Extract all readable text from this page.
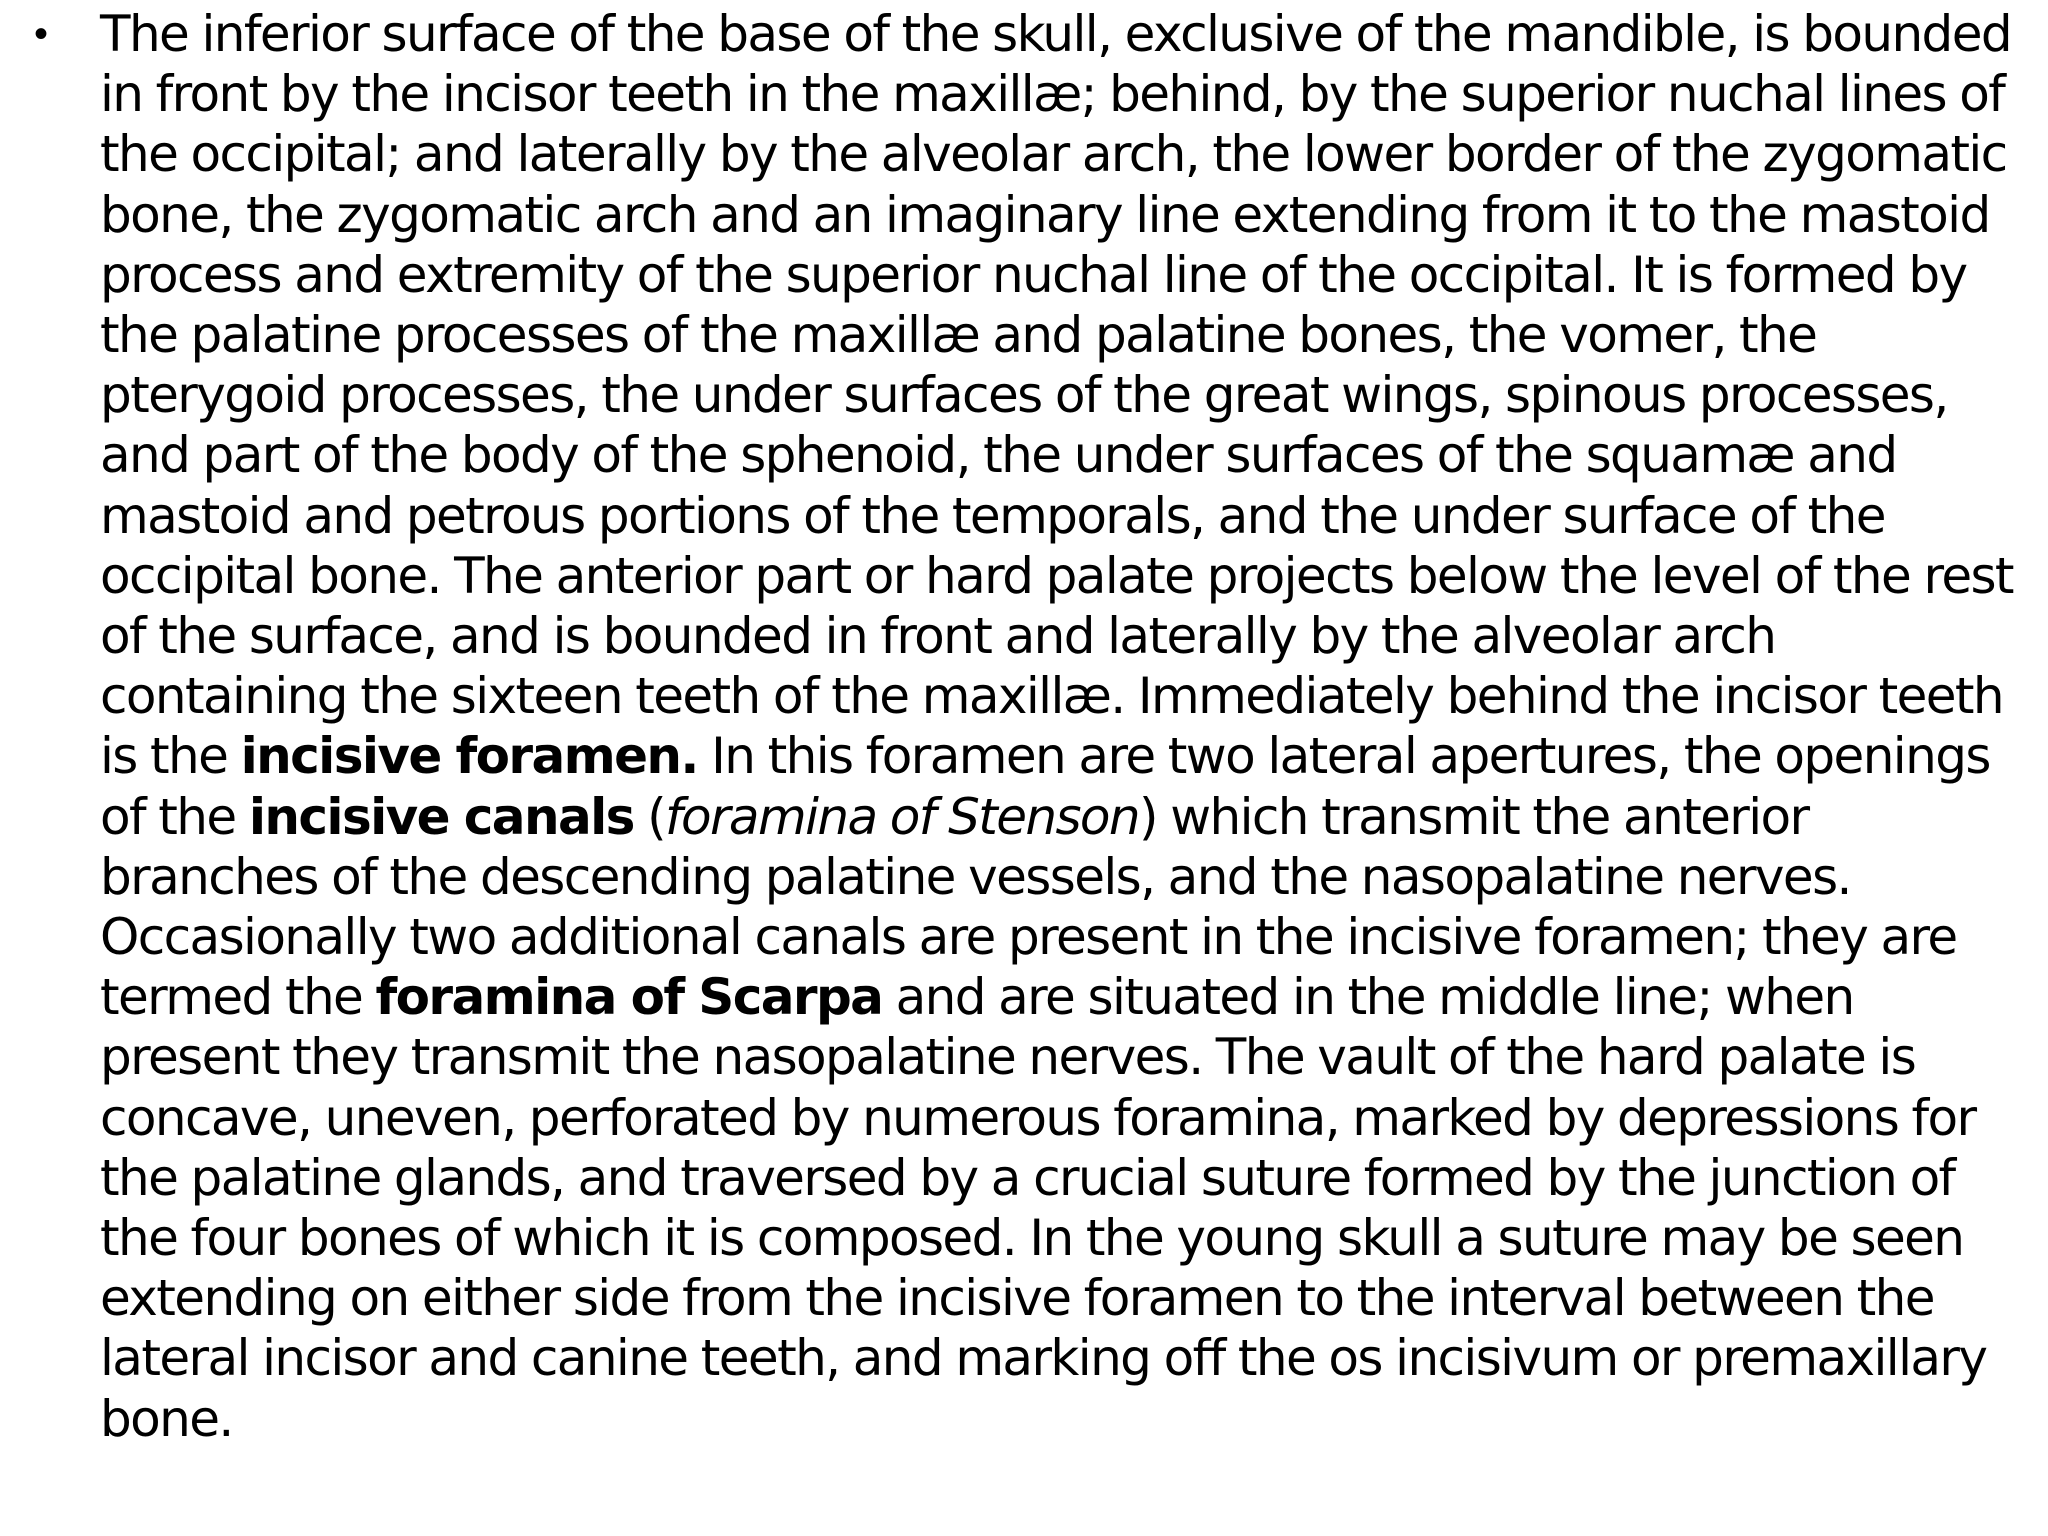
•	The inferior surface of the base of the skull, exclusive of the mandible, is bounded in front by the incisor teeth in the maxillæ; behind, by the superior nuchal lines of the occipital; and laterally by the alveolar arch, the lower border of the zygomatic bone, the zygomatic arch and an imaginary line extending from it to the mastoid process and extremity of the superior nuchal line of the occipital. It is formed by the palatine processes of the maxillæ and palatine bones, the vomer, the pterygoid processes, the under surfaces of the great wings, spinous processes, and part of the body of the sphenoid, the under surfaces of the squamæ and mastoid and petrous portions of the temporals, and the under surface of the occipital bone. The anterior part or hard palate projects below the level of the rest of the surface, and is bounded in front and laterally by the alveolar arch containing the sixteen teeth of the maxillæ. Immediately behind the incisor teeth is the incisive foramen. In this foramen are two lateral apertures, the openings of the incisive canals (foramina of Stenson) which transmit the anterior branches of the descending palatine vessels, and the nasopalatine nerves. Occasionally two additional canals are present in the incisive foramen; they are termed the foramina of Scarpa and are situated in the middle line; when present they transmit the nasopalatine nerves. The vault of the hard palate is concave, uneven, perforated by numerous foramina, marked by depressions for the palatine glands, and traversed by a crucial suture formed by the junction of the four bones of which it is composed. In the young skull a suture may be seen extending on either side from the incisive foramen to the interval between the lateral incisor and canine teeth, and marking off the os incisivum or premaxillary bone.
